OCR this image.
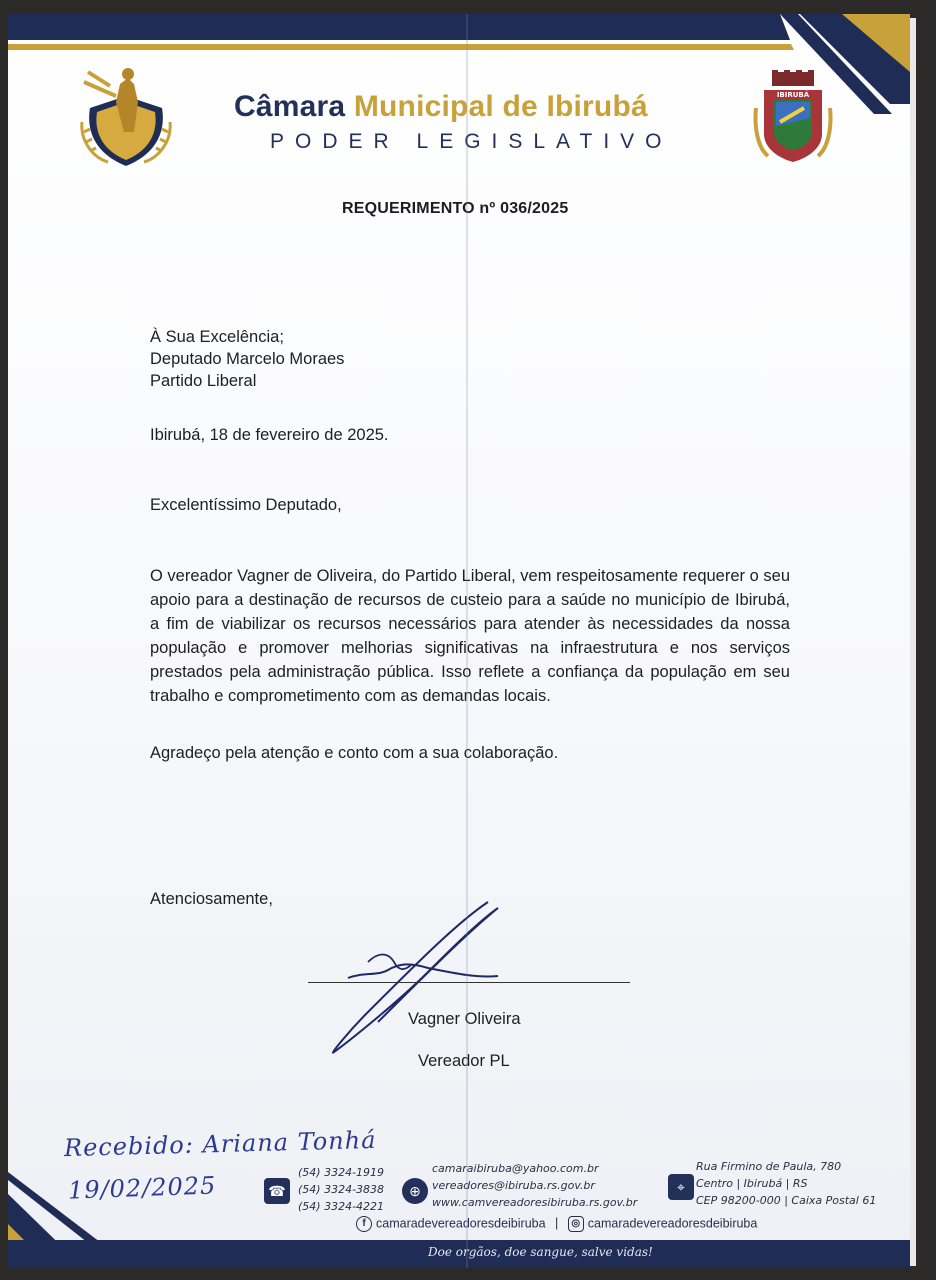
IBIRUBÁ
Câmara Municipal de Ibirubá
PODER LEGISLATIVO
REQUERIMENTO nº 036/2025
À Sua Excelência;
Deputado Marcelo Moraes
Partido Liberal
Ibirubá, 18 de fevereiro de 2025.
Excelentíssimo Deputado,
O vereador Vagner de Oliveira, do Partido Liberal, vem respeitosamente requerer o seu apoio para a destinação de recursos de custeio para a saúde no município de Ibirubá, a fim de viabilizar os recursos necessários para atender às necessidades da nossa população e promover melhorias significativas na infraestrutura e nos serviços prestados pela administração pública. Isso reflete a confiança da população em seu trabalho e comprometimento com as demandas locais.
Agradeço pela atenção e conto com a sua colaboração.
Atenciosamente,
Vagner Oliveira
Vereador PL
Recebido: Ariana Tonhá
19/02/2025	☎
(54) 3324-1919
(54) 3324-3838
(54) 3324-4221
⊕
camaraibiruba@yahoo.com.br
vereadores@ibiruba.rs.gov.br
www.camvereadoresibiruba.rs.gov.br
⌖
Rua Firmino de Paula, 780
Centro | Ibirubá | RS
CEP 98200-000 | Caixa Postal 61
f camaradevereadoresdeibiruba | ◎ camaradevereadoresdeibiruba
Doe orgãos, doe sangue, salve vidas!
